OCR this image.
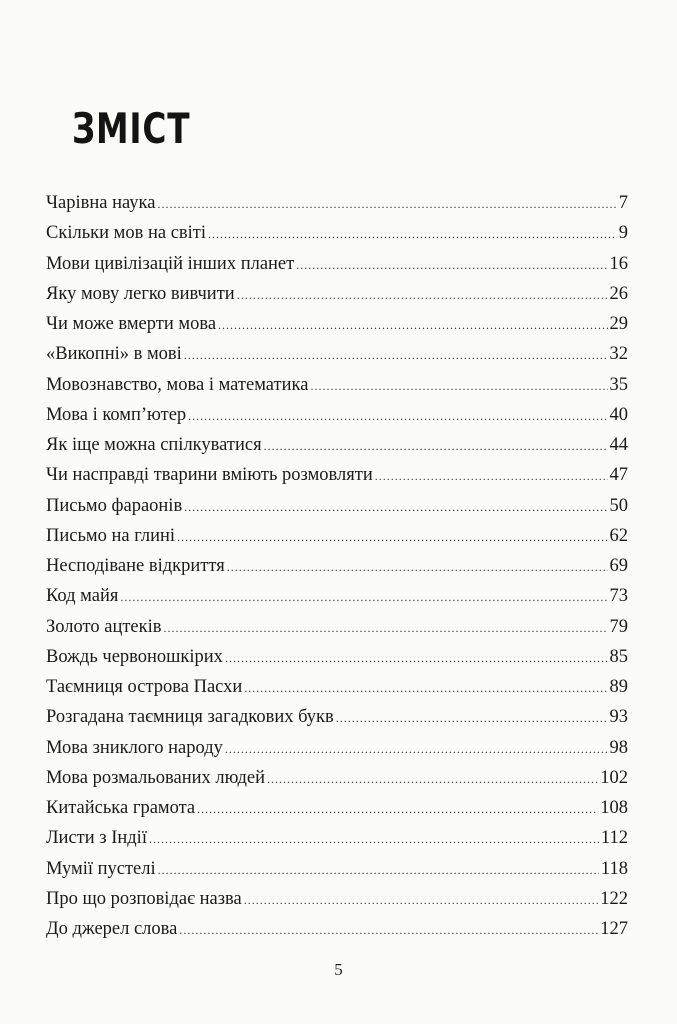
ЗМІСТ
Чарівна наука .....	7
Скільки мов на світі .....	9
Мови цивілізацій інших планет .....	16
Яку мову легко вивчити .....	26
Чи може вмерти мова .....	29
«Викопні» в мові .....	32
Мовознавство, мова і математика .....	35
Мова і комп’ютер .....	40
Як іще можна спілкуватися .....	44
Чи насправді тварини вміють розмовляти .....	47
Письмо фараонів .....	50
Письмо на глині .....	62
Несподіване відкриття .....	69
Код майя .....	73
Золото ацтеків .....	79
Вождь червоношкірих .....	85
Таємниця острова Пасхи .....	89
Розгадана таємниця загадкових букв .....	93
Мова зниклого народу .....	98
Мова розмальованих людей .....	102
Китайська грамота .....	108
Листи з Індії .....	112
Мумії пустелі .....	118
Про що розповідає назва .....	122
До джерел слова .....	127
5
